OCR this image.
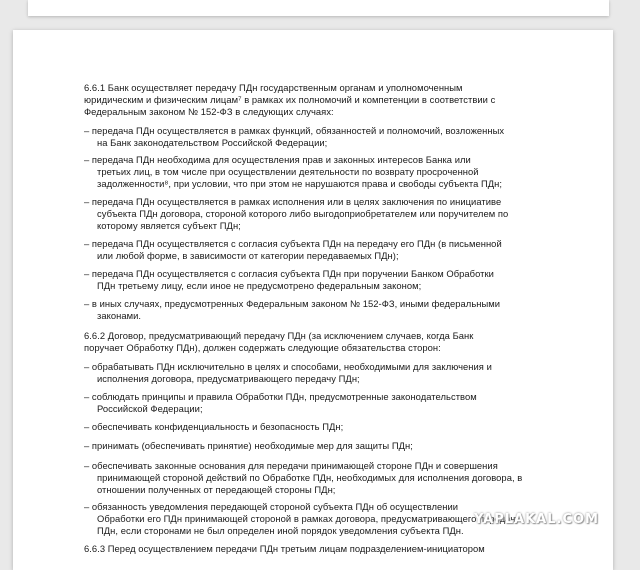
6.6.1 Банк осуществляет передачу ПДн государственным органам и уполномоченным
юридическим и физическим лицам⁷ в рамках их полномочий и компетенции в соответствии с
Федеральным законом № 152-ФЗ в следующих случаях:
– передача ПДн осуществляется в рамках функций, обязанностей и полномочий, возложенных
на Банк законодательством Российской Федерации;
– передача ПДн необходима для осуществления прав и законных интересов Банка или
третьих лиц, в том числе при осуществлении деятельности по возврату просроченной
задолженности⁸, при условии, что при этом не нарушаются права и свободы субъекта ПДн;
– передача ПДн осуществляется в рамках исполнения или в целях заключения по инициативе
субъекта ПДн договора, стороной которого либо выгодоприобретателем или поручителем по
которому является субъект ПДн;
– передача ПДн осуществляется с согласия субъекта ПДн на передачу его ПДн (в письменной
или любой форме, в зависимости от категории передаваемых ПДн);
– передача ПДн осуществляется с согласия субъекта ПДн при поручении Банком Обработки
ПДн третьему лицу, если иное не предусмотрено федеральным законом;
– в иных случаях, предусмотренных Федеральным законом № 152-ФЗ, иными федеральными
законами.
6.6.2 Договор, предусматривающий передачу ПДн (за исключением случаев, когда Банк
поручает Обработку ПДн), должен содержать следующие обязательства сторон:
– обрабатывать ПДн исключительно в целях и способами, необходимыми для заключения и
исполнения договора, предусматривающего передачу ПДн;
– соблюдать принципы и правила Обработки ПДн, предусмотренные законодательством
Российской Федерации;
– обеспечивать конфиденциальность и безопасность ПДн;
– принимать (обеспечивать принятие) необходимые мер для защиты ПДн;
– обеспечивать законные основания для передачи принимающей стороне ПДн и совершения
принимающей стороной действий по Обработке ПДн, необходимых для исполнения договора, в
отношении полученных от передающей стороны ПДн;
– обязанность уведомления передающей стороной субъекта ПДн об осуществлении
Обработки его ПДн принимающей стороной в рамках договора, предусматривающего передачу
ПДн, если сторонами не был определен иной порядок уведомления субъекта ПДн.
6.6.3 Перед осуществлением передачи ПДн третьим лицам подразделением-инициатором
YAPLAKAL.COM
